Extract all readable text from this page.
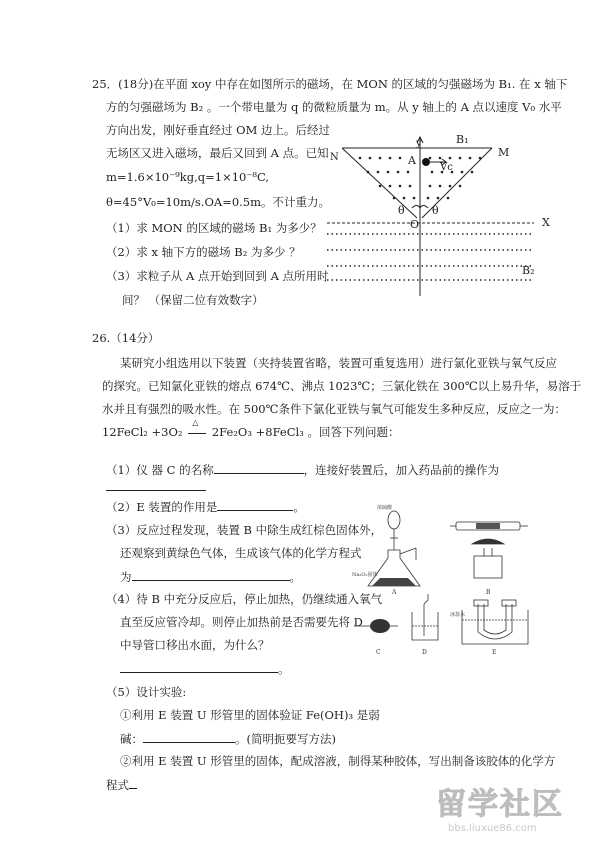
25．(18分)在平面 xoy 中存在如图所示的磁场，在 MON 的区域的匀强磁场为 B₁. 在 x 轴下
方的匀强磁场为 B₂ 。一个带电量为 q 的微粒质量为 m。从 y 轴上的 A 点以速度 V₀ 水平
方向出发，刚好垂直经过 OM 边上。后经过
无场区又进入磁场，最后又回到 A 点。已知
m=1.6×10⁻⁹kg,q=1×10⁻⁸C,
θ=45°V₀=10m/s.OA=0.5m。不计重力。
（1）求 MON 的区域的磁场 B₁ 为多少？
（2）求 x 轴下方的磁场 B₂ 为多少 ？
（3）求粒子从 A 点开始到回到 A 点所用时
间？ （保留二位有效数字）
y	B₁
M
N	A
Vc
θ θ
O	X
B₂
26.（14分）
某研究小组选用以下装置（夹持装置省略，装置可重复选用）进行氯化亚铁与氧气反应
的探究。已知氯化亚铁的熔点 674℃、沸点 1023℃；三氯化铁在 300℃以上易升华，易溶于
水并且有强烈的吸水性。在 500℃条件下氯化亚铁与氧气可能发生多种反应，反应之一为：
12FeCl₂ +3O₂
△
2Fe₂O₃ +8FeCl₃ 。回答下列问题：
（1）仪 器 C 的名称	，连接好装置后，加入药品前的操作为
（2）E 装置的作用是	。
（3）反应过程发现，装置 B 中除生成红棕色固体外，
还观察到黄绿色气体，生成该气体的化学方程式
为	。
（4）待 B 中充分反应后，停止加热，仍继续通入氧气
直至反应管冷却。则停止加热前是否需要先将 D
中导管口移出水面，为什么？
。
（5）设计实验:
①利用 E 装置 U 形管里的固体验证 Fe(OH)₃ 是弱
碱：	。(简明扼要写方法)
②利用 E 装置 U 形管里的固体，配成溶液，制得某种胶体，写出制备该胶体的化学方
程式
浓硫酸
Na₂O₂固体
A	B
C	D
冰盐水
E
留学社区
bbs.liuxue86.com
